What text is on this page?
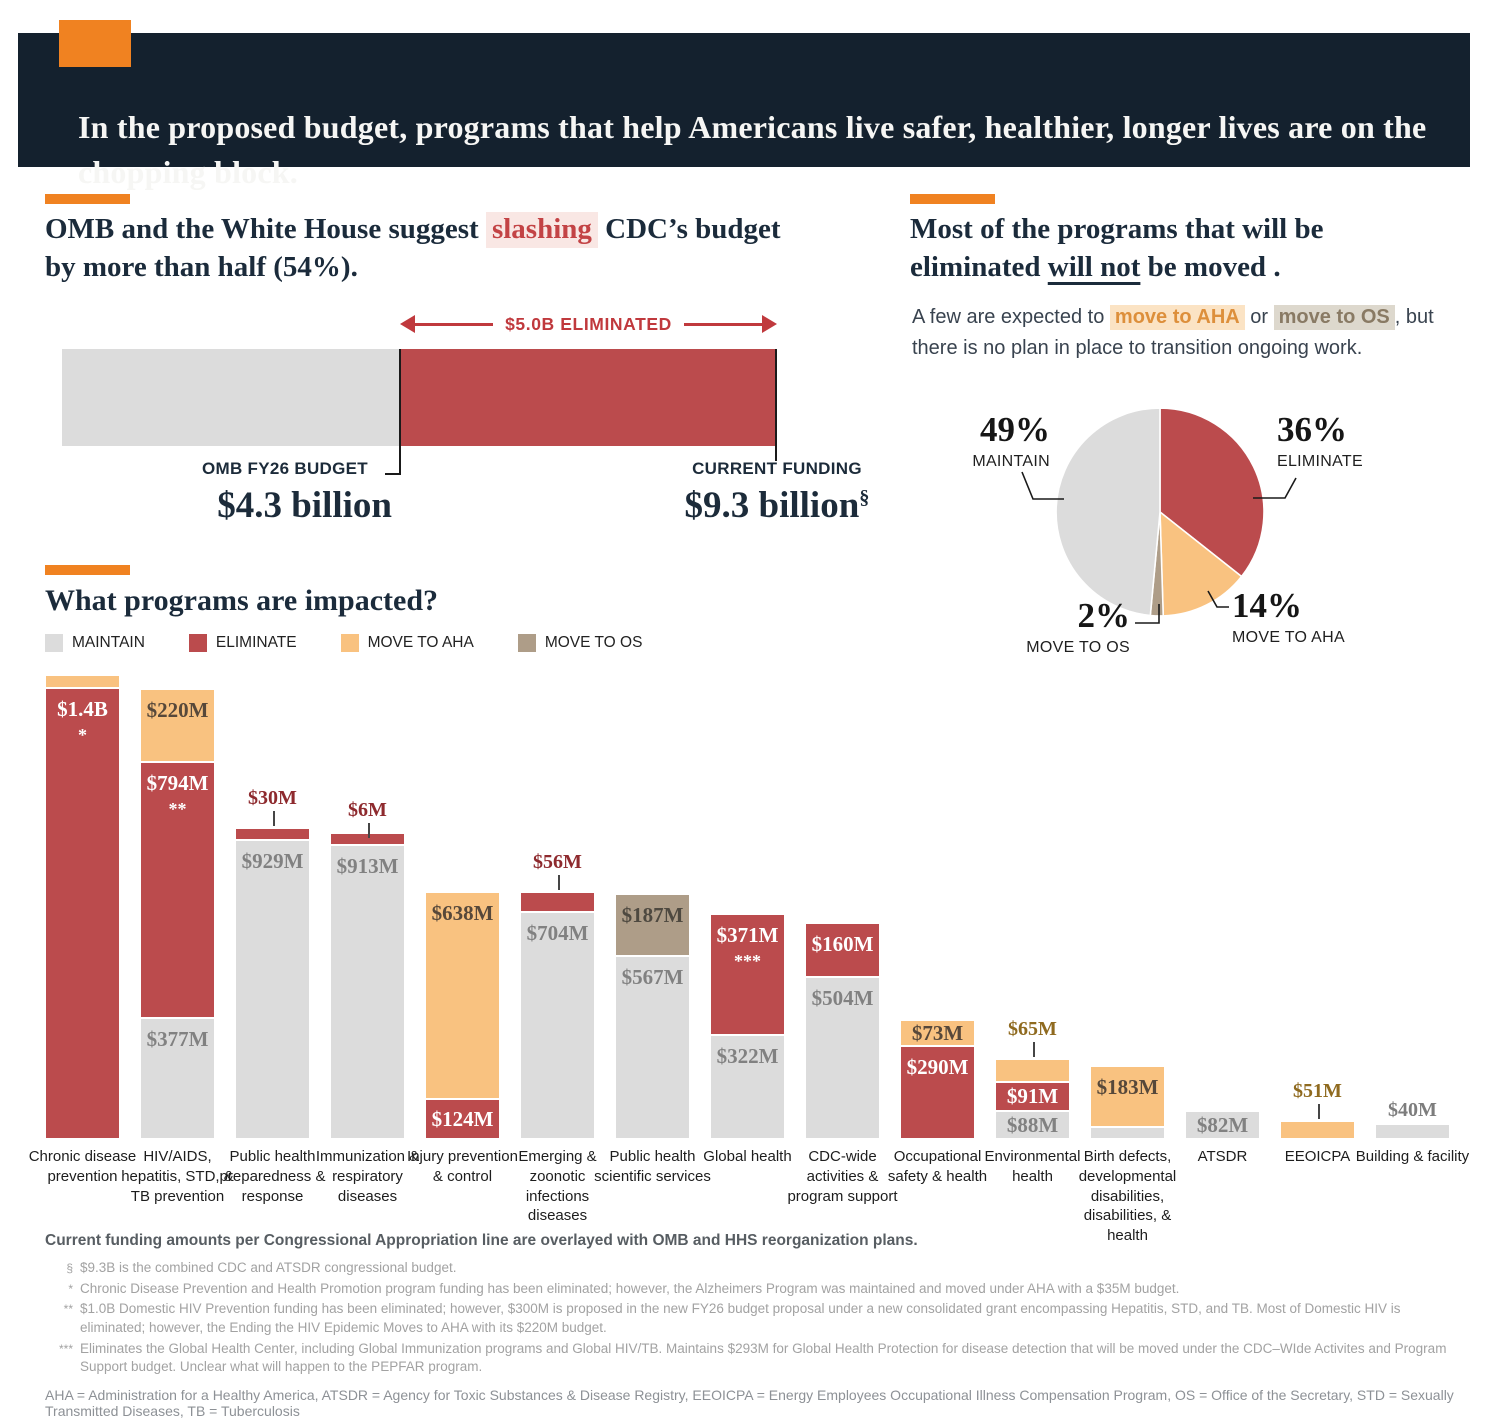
In the proposed budget, programs that help Americans live safer, healthier, longer lives are on the chopping block.
OMB and the White House suggest slashing CDC’s budget by more than half (54%).
$5.0B ELIMINATED
OMB FY26 BUDGET
$4.3 billion
CURRENT FUNDING
$9.3 billion§
Most of the programs that will be eliminated will not be moved .
A few are expected to move to AHA or move to OS , but there is no plan in place to transition ongoing work.
49%
MAINTAIN
36%
ELIMINATE
14%
MOVE TO AHA
2%
MOVE TO OS
What programs are impacted?
MAINTAIN	ELIMINATE	MOVE TO AHA	MOVE TO OS
$1.4B
*
Chronic disease prevention
$220M
$794M
**
$377M
HIV/AIDS, hepatitis, STD, & TB prevention
$929M
$30M
Public health preparedness & response
$913M
$6M
Immunization & respiratory diseases
$638M
$124M
Injury prevention & control
$704M
$56M
Emerging & zoonotic infections diseases
$187M
$567M
Public health scientific services
$371M
***
$322M
Global health
$160M
$504M
CDC-wide activities & program support
$73M
$290M
Occupational safety & health
$91M
$88M
$65M
Environmental health
$183M
Birth defects, developmental disabilities, disabilities, & health
$82M
ATSDR
$51M
EEOICPA
$40M
Building & facility
Current funding amounts per Congressional Appropriation line are overlayed with OMB and HHS reorganization plans.
§ $9.3B is the combined CDC and ATSDR congressional budget.
* Chronic Disease Prevention and Health Promotion program funding has been eliminated; however, the Alzheimers Program was maintained and moved under AHA with a $35M budget.
** $1.0B Domestic HIV Prevention funding has been eliminated; however, $300M is proposed in the new FY26 budget proposal under a new consolidated grant encompassing Hepatitis, STD, and TB. Most of Domestic HIV is eliminated; however, the Ending the HIV Epidemic Moves to AHA with its $220M budget.
*** Eliminates the Global Health Center, including Global Immunization programs and Global HIV/TB. Maintains $293M for Global Health Protection for disease detection that will be moved under the CDC–WIde Activites and Program Support budget. Unclear what will happen to the PEPFAR program.
AHA = Administration for a Healthy America, ATSDR = Agency for Toxic Substances & Disease Registry, EEOICPA = Energy Employees Occupational Illness Compensation Program, OS = Office of the Secretary, STD = Sexually Transmitted Diseases, TB = Tuberculosis
